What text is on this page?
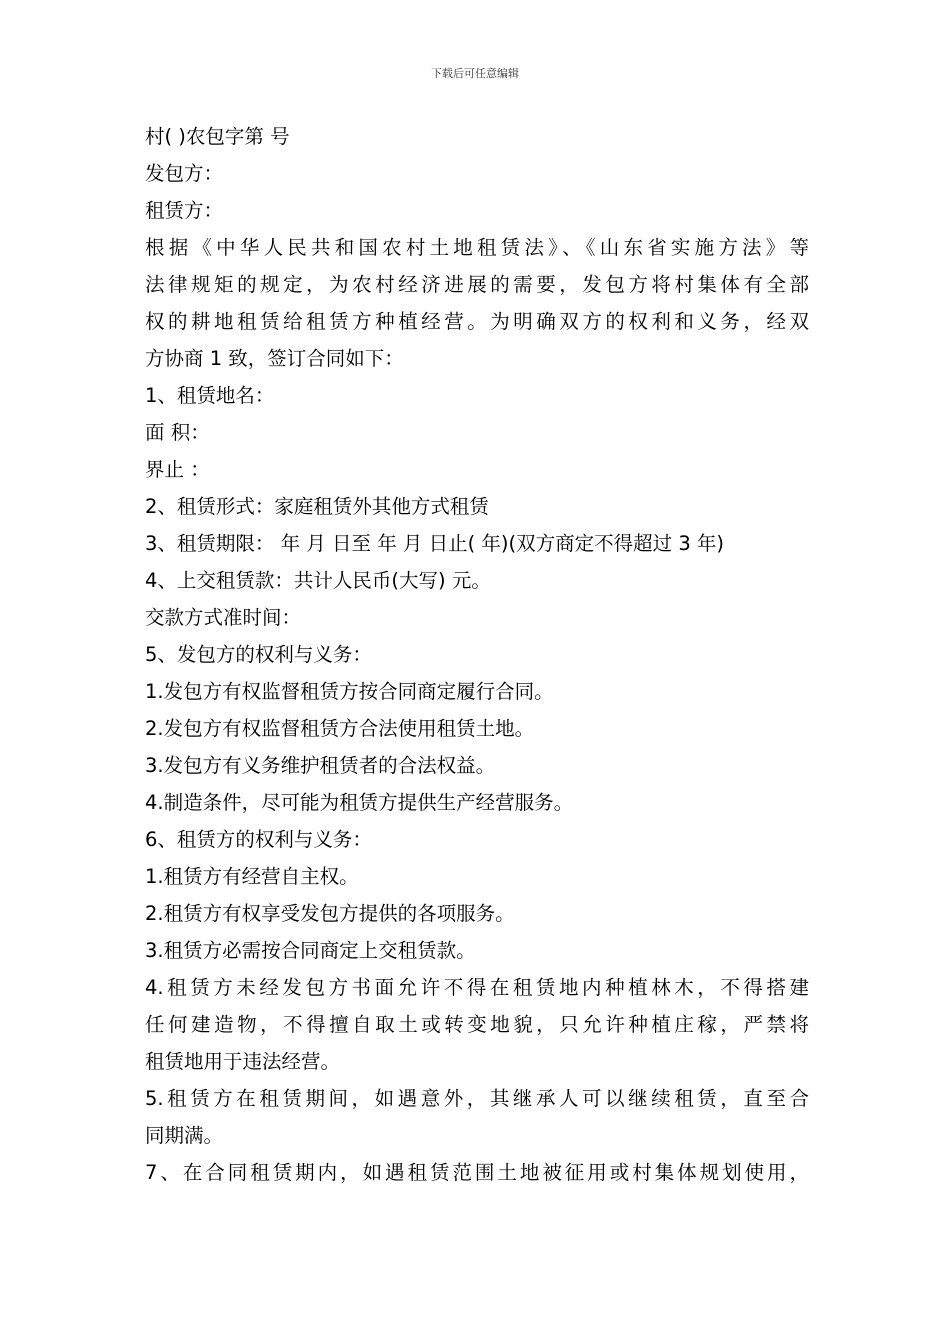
下载后可任意编辑
村( )农包字第 号
发包方：
租赁方：
根据《中华人民共和国农村土地租赁法》、《山东省实施方法》等
法律规矩的规定，为农村经济进展的需要，发包方将村集体有全部
权的耕地租赁给租赁方种植经营。为明确双方的权利和义务，经双
方协商 1 致，签订合同如下：
1、租赁地名：
面 积：
界止 ：
2、租赁形式：家庭租赁外其他方式租赁
3、租赁期限： 年 月 日至 年 月 日止( 年)(双方商定不得超过 3 年)
4、上交租赁款：共计人民币(大写) 元。
交款方式准时间：
5、发包方的权利与义务：
1.发包方有权监督租赁方按合同商定履行合同。
2.发包方有权监督租赁方合法使用租赁土地。
3.发包方有义务维护租赁者的合法权益。
4.制造条件，尽可能为租赁方提供生产经营服务。
6、租赁方的权利与义务：
1.租赁方有经营自主权。
2.租赁方有权享受发包方提供的各项服务。
3.租赁方必需按合同商定上交租赁款。
4.租赁方未经发包方书面允许不得在租赁地内种植林木，不得搭建
任何建造物，不得擅自取土或转变地貌，只允许种植庄稼，严禁将
租赁地用于违法经营。
5.租赁方在租赁期间，如遇意外，其继承人可以继续租赁，直至合
同期满。
7、在合同租赁期内，如遇租赁范围土地被征用或村集体规划使用，
